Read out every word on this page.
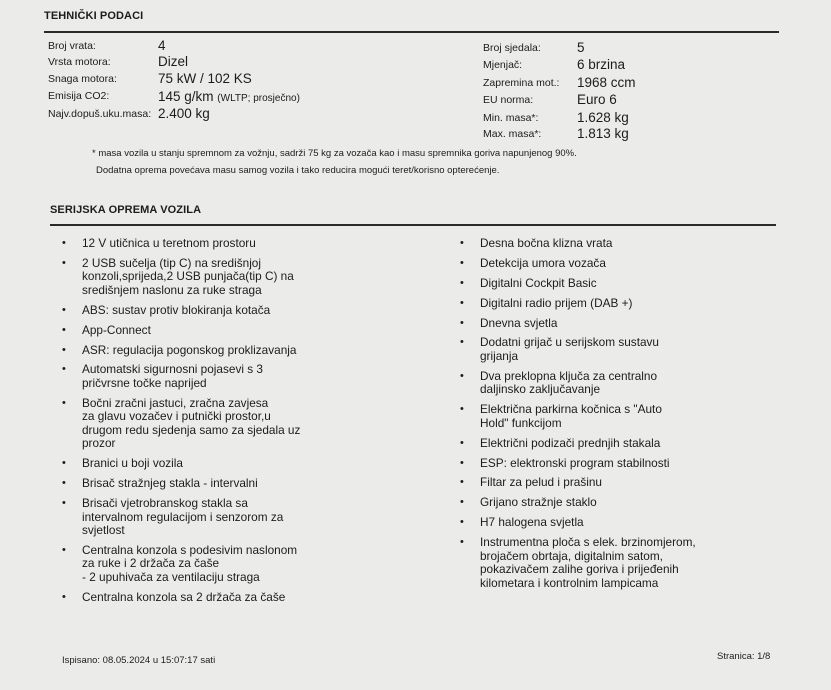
TEHNIČKI PODACI
Broj vrata:	4
Vrsta motora:	Dizel
Snaga motora:	75 kW / 102 KS
Emisija CO2:	145 g/km (WLTP; prosječno)
Najv.dopuš.uku.masa: 2.400 kg
Broj sjedala:	5
Mjenjač:	6 brzina
Zapremina mot.: 1968 ccm
EU norma:	Euro 6
Min. masa*:	1.628 kg
Max. masa*:	1.813 kg
* masa vozila u stanju spremnom za vožnju, sadrži 75 kg za vozača kao i masu spremnika goriva napunjenog 90%.
Dodatna oprema povećava masu samog vozila i tako reducira mogući teret/korisno opterećenje.
SERIJSKA OPREMA VOZILA
• 12 V utičnica u teretnom prostoru
• 2 USB sučelja (tip C) na središnjoj
konzoli,sprijeda,2 USB punjača(tip C) na
središnjem naslonu za ruke straga
• ABS: sustav protiv blokiranja kotača
• App-Connect
• ASR: regulacija pogonskog proklizavanja
• Automatski sigurnosni pojasevi s 3
pričvrsne točke naprijed
• Bočni zračni jastuci, zračna zavjesa
za glavu vozačev i putnički prostor,u
drugom redu sjedenja samo za sjedala uz
prozor
• Branici u boji vozila
• Brisač stražnjeg stakla - intervalni
• Brisači vjetrobranskog stakla sa
intervalnom regulacijom i senzorom za
svjetlost
• Centralna konzola s podesivim naslonom
za ruke i 2 držača za čaše
- 2 upuhivača za ventilaciju straga
• Centralna konzola sa 2 držača za čaše
• Desna bočna klizna vrata
• Detekcija umora vozača
• Digitalni Cockpit Basic
• Digitalni radio prijem (DAB +)
• Dnevna svjetla
• Dodatni grijač u serijskom sustavu
grijanja
• Dva preklopna ključa za centralno
daljinsko zaključavanje
• Električna parkirna kočnica s "Auto
Hold" funkcijom
• Električni podizači prednjih stakala
• ESP: elektronski program stabilnosti
• Filtar za pelud i prašinu
• Grijano stražnje staklo
• H7 halogena svjetla
• Instrumentna ploča s elek. brzinomjerom,
brojačem obrtaja, digitalnim satom,
pokazivačem zalihe goriva i prijeđenih
kilometara i kontrolnim lampicama
Ispisano: 08.05.2024 u 15:07:17 sati	Stranica: 1/8
